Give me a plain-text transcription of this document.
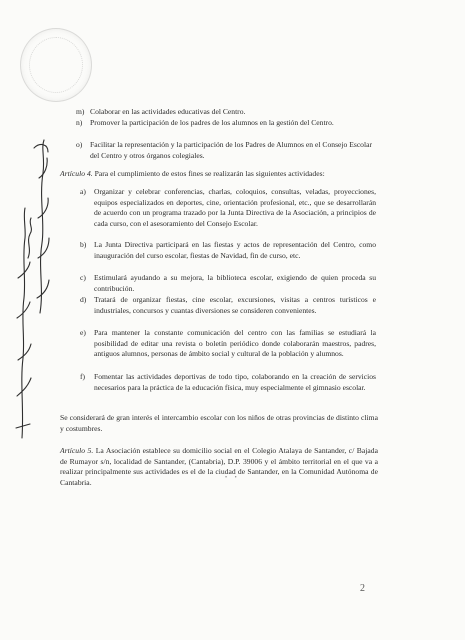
m) Colaborar en las actividades educativas del Centro.
n) Promover la participación de los padres de los alumnos en la gestión del Centro.
o) Facilitar la representación y la participación de los Padres de Alumnos en el Consejo Escolar del Centro y otros órganos colegiales.
Artículo 4. Para el cumplimiento de estos fines se realizarán las siguientes actividades:
a) Organizar y celebrar conferencias, charlas, coloquios, consultas, veladas, proyecciones, equipos especializados en deportes, cine, orientación profesional, etc., que se desarrollarán de acuerdo con un programa trazado por la Junta Directiva de la Asociación, a principios de cada curso, con el asesoramiento del Consejo Escolar.
b) La Junta Directiva participará en las fiestas y actos de representación del Centro, como inauguración del curso escolar, fiestas de Navidad, fin de curso, etc.
c) Estimulará ayudando a su mejora, la biblioteca escolar, exigiendo de quien proceda su contribución.
d) Tratará de organizar fiestas, cine escolar, excursiones, visitas a centros turísticos e industriales, concursos y cuantas diversiones se consideren convenientes.
e) Para mantener la constante comunicación del centro con las familias se estudiará la posibilidad de editar una revista o boletín periódico donde colaborarán maestros, padres, antiguos alumnos, personas de ámbito social y cultural de la población y alumnos.
f) Fomentar las actividades deportivas de todo tipo, colaborando en la creación de servicios necesarios para la práctica de la educación física, muy especialmente el gimnasio escolar.
Se considerará de gran interés el intercambio escolar con los niños de otras provincias de distinto clima y costumbres.
•     •
Artículo 5. La Asociación establece su domicilio social en el Colegio Atalaya de Santander, c/ Bajada de Rumayor s/n, localidad de Santander, (Cantabria), D.P. 39006 y el ámbito territorial en el que va a realizar principalmente sus actividades es el de la ciudad de Santander, en la Comunidad Autónoma de Cantabria.
2
